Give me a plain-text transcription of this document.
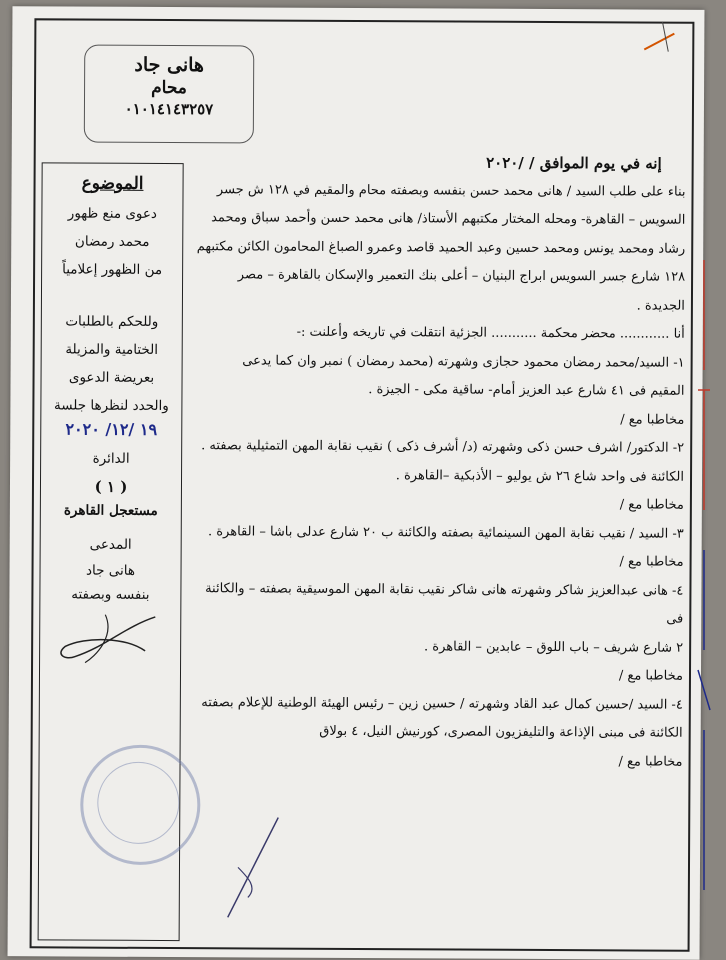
هانى جاد
محام
٠١٠١٤١٤٣٢٥٧
الموضوع
دعوى منع ظهور
محمد رمضان
من الظهور إعلامياً
وللحكم بالطلبات
الختامية والمزيلة
بعريضة الدعوى
والحدد لنظرها جلسة
١٩ /١٢/ ٢٠٢٠
الدائرة
( ١ )
مستعجل القاهرة
المدعى
هانى جاد
بنفسه وبصفته

إنه في يوم الموافق / /٢٠٢٠

بناء على طلب السيد / هانى محمد حسن بنفسه وبصفته محام والمقيم في ١٢٨ ش جسر

السويس – القاهرة- ومحله المختار مكتبهم الأستاذ/ هانى محمد حسن وأحمد سباق ومحمد

رشاد ومحمد يونس ومحمد حسين وعبد الحميد قاصد وعمرو الصباغ المحامون الكائن مكتبهم

١٢٨ شارع جسر السويس ابراج البنيان – أعلى بنك التعمير والإسكان بالقاهرة – مصر

الجديدة .

أنا ............ محضر محكمة ........... الجزئية انتقلت في تاريخه وأعلنت :-

١- السيد/محمد رمضان محمود حجازى وشهرته (محمد رمضان ) نمبر وان كما يدعى

المقيم فى ٤١ شارع عبد العزيز أمام- ساقية مكى - الجيزة .

مخاطبا مع /

٢- الدكتور/ اشرف حسن ذكى وشهرته (د/ أشرف ذكى ) نقيب نقابة المهن التمثيلية بصفته .

الكائنة فى واحد شاع ٢٦ ش يوليو – الأذبكية –القاهرة .

مخاطبا مع /

٣- السيد / نقيب نقابة المهن السينمائية بصفته والكائنة ب ٢٠ شارع عدلى باشا – القاهرة .

مخاطبا مع /

٤- هانى عبدالعزيز شاكر وشهرته هانى شاكر نقيب نقابة المهن الموسيقية بصفته – والكائنة

فى

٢ شارع شريف – باب اللوق – عابدين – القاهرة .

مخاطبا مع /

٤- السيد /حسين كمال عبد القاد وشهرته / حسين زين – رئيس الهيئة الوطنية للإعلام بصفته

الكائنة فى مبنى الإذاعة والتليفزيون المصرى، كورنيش النيل، ٤ بولاق

مخاطبا مع /
